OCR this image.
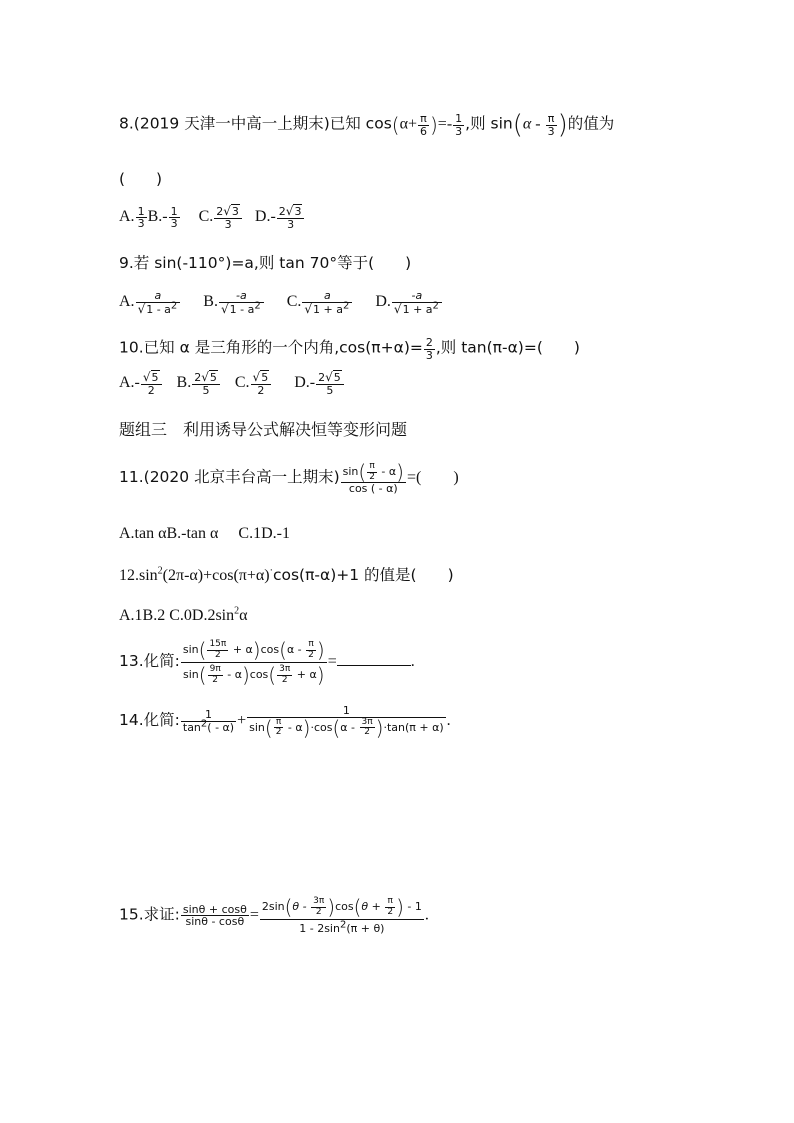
8.(2019 天津一中高一上期末)已知 $\cos(\alpha+ \frac{\pi}{6}$ )=- $\frac{1}{3}$ ,则 $\sin(\alpha - \frac{\pi}{3}$ )的值为
(　　)
A. $\frac{1}{3} B.- \frac{1}{3} C$. $\frac{2√3}{3} D.- \frac{2√3}{3}$
9.若 sin(-110°)=a,则 tan 70°等于(　　)
A. $\frac{a}{√1 - a^2} B$. $\frac{-a}{√1 - a^2} C$. $\frac{a}{√1 + a^2} D$. $\frac{-a}{√1 + a^2}$
10.已知 α 是三角形的一个内角$,\cos(\pi+\alpha)= \frac{2}{3}$ ,则 tan(π-α)=(　　)
$A.- \frac{√5}{2} B$. $\frac{2√5}{5} C$. $\frac{√5}{2} D.- \frac{2√5}{5}$
题组三　利用诱导公式解决恒等变形问题
11.(2020 北京丰台高一上期末) $\frac{\sin( \frac{\pi}{2} - \alpha)}{\cos ( - \alpha)}$ =(　　)
A.tan αB.-tan α　 C.1D.-1
$12.\sin^2(2\pi-\alpha)+\cos(\pi+\alpha)^\cdot\cos(\pi-\alpha)+1$ 的值是(　　)
A.1B.2 $C.0D.2\sin^2\alpha$
13.化简: $\frac{\sin( \frac{15\pi}{2} + \alpha)\cos(\alpha - \frac{\pi}{2} )}{\sin( \frac{9\pi}{2} - \alpha)\cos( \frac{3\pi}{2} + \alpha)}$ =	.
14.化简: $\frac{1}{\tan^2( - \alpha)} + \frac{1}{\sin( \frac{\pi}{2} - \alpha)\cdot\cos(\alpha - \frac{3\pi}{2} )\cdot\tan(\pi + \alpha)}$ .
15.求证: $\frac{\sin\theta + \cos\theta}{\sin\theta - \cos\theta} = \frac{2\sin(\theta - \frac{3\pi}{2} )\cos(\theta + \frac{\pi}{2} ) - 1}{1 - 2\sin^2(\pi + \theta)}$ .
